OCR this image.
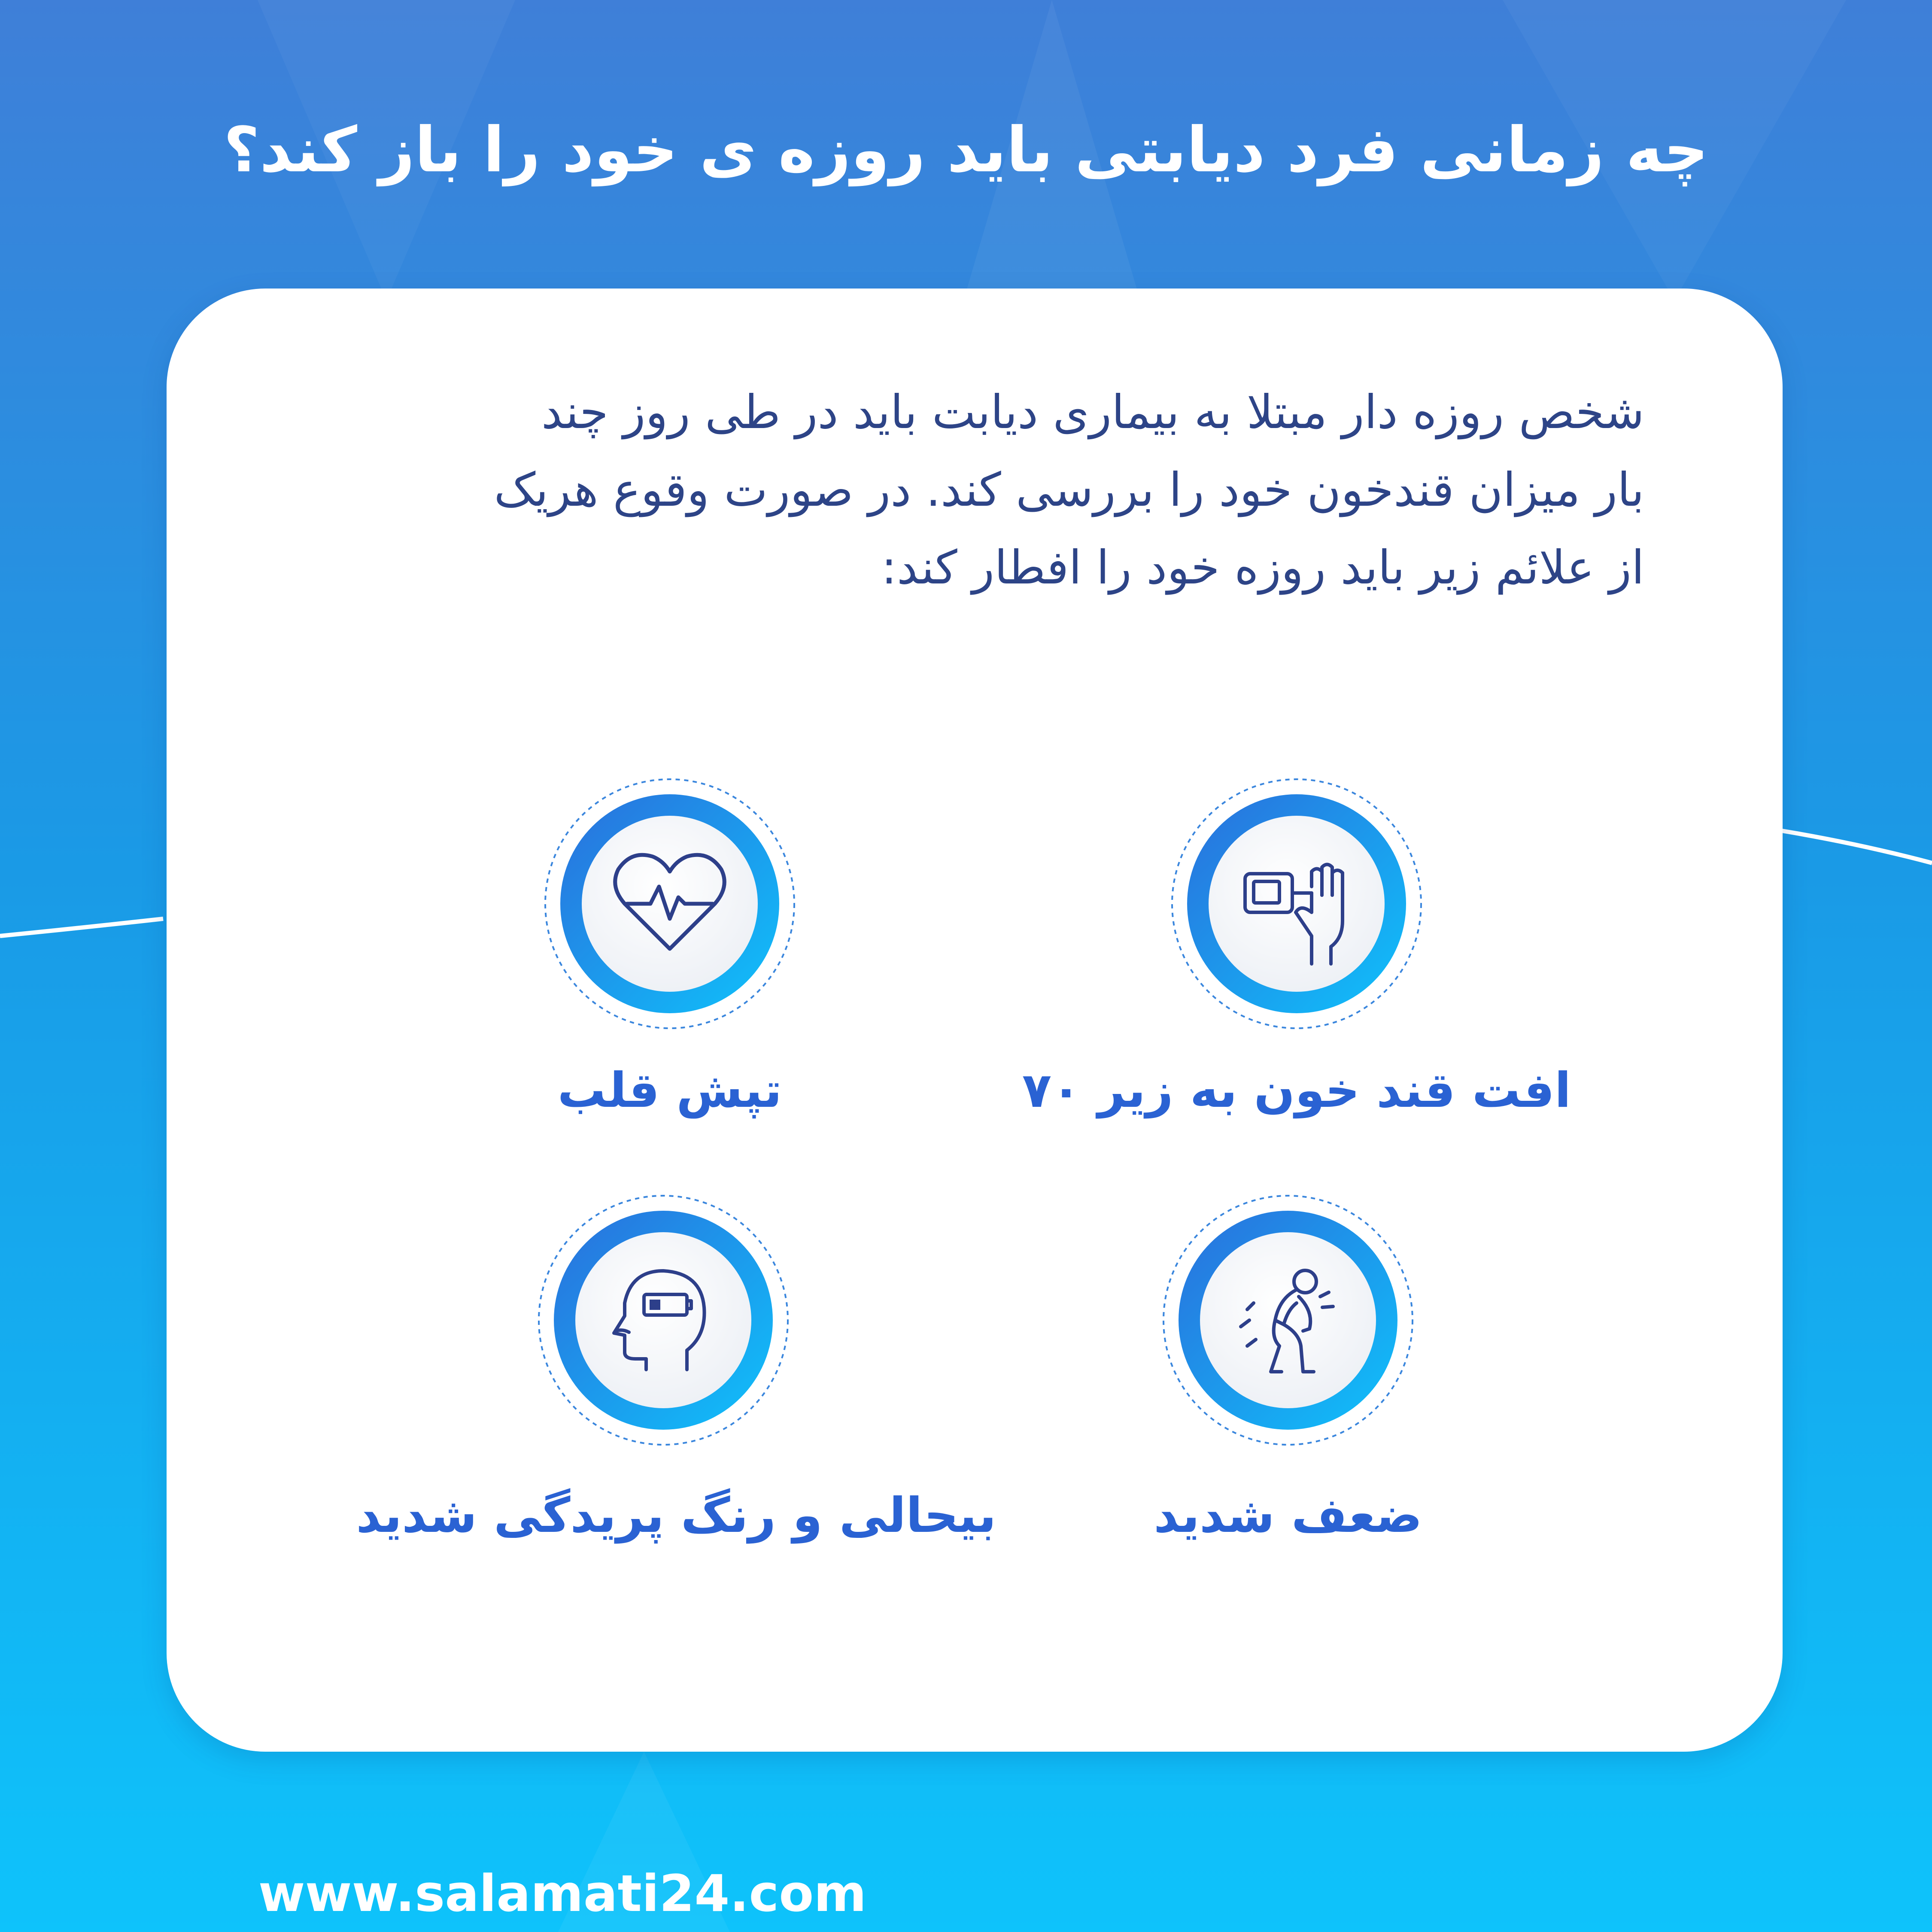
چه زمانی فرد دیابتی باید روزه ی خود را باز کند؟
شخص روزه دار مبتلا به بیماری دیابت باید در طی روز چند
بار میزان قندخون خود را بررسی کند. در صورت وقوع هریک
از علائم زیر باید روزه خود را افطار کند:
افت قند خون به زیر ۷۰
تپش قلب
ضعف شدید
بیحالی و رنگ پریدگی شدید
www.salamati24.com
